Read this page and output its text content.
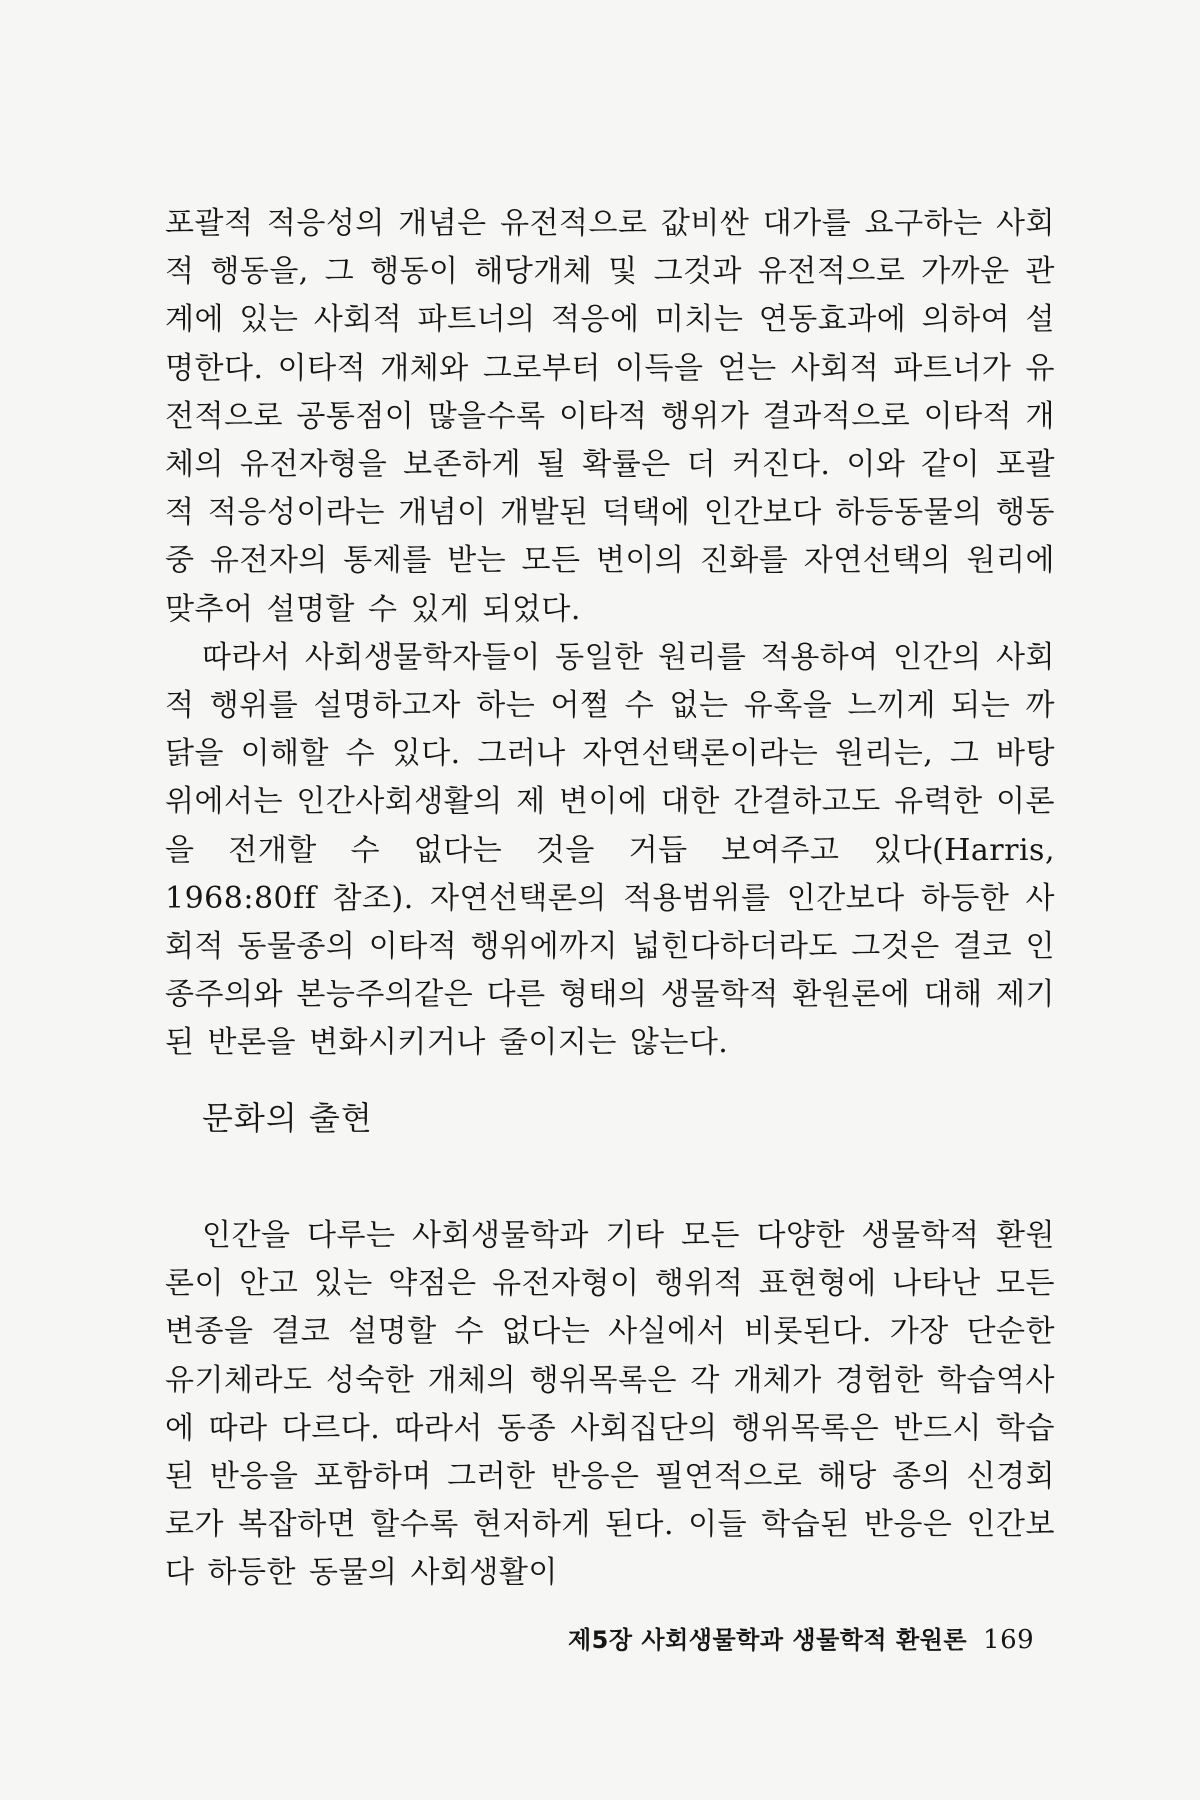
포괄적 적응성의 개념은 유전적으로 값비싼 대가를 요구하는 사회적 행동을, 그 행동이 해당개체 및 그것과 유전적으로 가까운 관계에 있는 사회적 파트너의 적응에 미치는 연동효과에 의하여 설명한다. 이타적 개체와 그로부터 이득을 얻는 사회적 파트너가 유전적으로 공통점이 많을수록 이타적 행위가 결과적으로 이타적 개체의 유전자형을 보존하게 될 확률은 더 커진다. 이와 같이 포괄적 적응성이라는 개념이 개발된 덕택에 인간보다 하등동물의 행동 중 유전자의 통제를 받는 모든 변이의 진화를 자연선택의 원리에 맞추어 설명할 수 있게 되었다.

따라서 사회생물학자들이 동일한 원리를 적용하여 인간의 사회적 행위를 설명하고자 하는 어쩔 수 없는 유혹을 느끼게 되는 까닭을 이해할 수 있다. 그러나 자연선택론이라는 원리는, 그 바탕 위에서는 인간사회생활의 제 변이에 대한 간결하고도 유력한 이론을 전개할 수 없다는 것을 거듭 보여주고 있다(Harris, 1968:80ff 참조). 자연선택론의 적용범위를 인간보다 하등한 사회적 동물종의 이타적 행위에까지 넓힌다하더라도 그것은 결코 인종주의와 본능주의같은 다른 형태의 생물학적 환원론에 대해 제기된 반론을 변화시키거나 줄이지는 않는다.

문화의 출현

인간을 다루는 사회생물학과 기타 모든 다양한 생물학적 환원론이 안고 있는 약점은 유전자형이 행위적 표현형에 나타난 모든 변종을 결코 설명할 수 없다는 사실에서 비롯된다. 가장 단순한 유기체라도 성숙한 개체의 행위목록은 각 개체가 경험한 학습역사에 따라 다르다. 따라서 동종 사회집단의 행위목록은 반드시 학습된 반응을 포함하며 그러한 반응은 필연적으로 해당 종의 신경회로가 복잡하면 할수록 현저하게 된다. 이들 학습된 반응은 인간보다 하등한 동물의 사회생활이

제5장 사회생물학과 생물학적 환원론 169
